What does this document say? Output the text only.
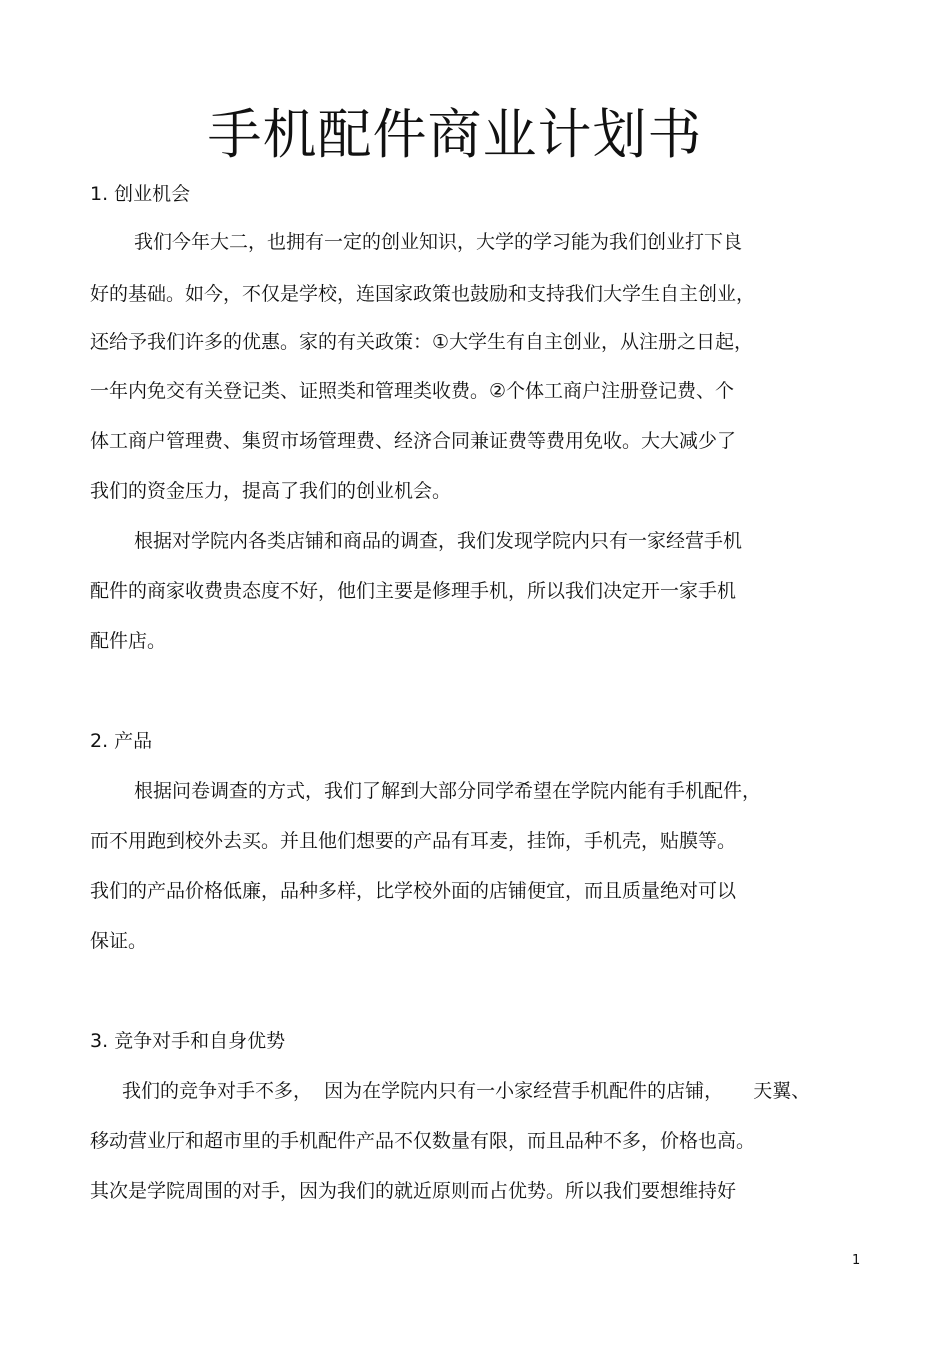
手机配件商业计划书
1. 创业机会
我们今年大二，也拥有一定的创业知识，大学的学习能为我们创业打下良
好的基础。如今，不仅是学校，连国家政策也鼓励和支持我们大学生自主创业，
还给予我们许多的优惠。家的有关政策：①大学生有自主创业，从注册之日起，
一年内免交有关登记类、证照类和管理类收费。②个体工商户注册登记费、个
体工商户管理费、集贸市场管理费、经济合同兼证费等费用免收。大大减少了
我们的资金压力，提高了我们的创业机会。
根据对学院内各类店铺和商品的调查，我们发现学院内只有一家经营手机
配件的商家收费贵态度不好，他们主要是修理手机，所以我们决定开一家手机
配件店。
2. 产品
根据问卷调查的方式，我们了解到大部分同学希望在学院内能有手机配件，
而不用跑到校外去买。并且他们想要的产品有耳麦，挂饰，手机壳，贴膜等。
我们的产品价格低廉，品种多样，比学校外面的店铺便宜，而且质量绝对可以
保证。
3. 竞争对手和自身优势
我们的竞争对手不多，  因为在学院内只有一小家经营手机配件的店铺，     天翼、
移动营业厅和超市里的手机配件产品不仅数量有限，而且品种不多，价格也高。
其次是学院周围的对手，因为我们的就近原则而占优势。所以我们要想维持好
1
